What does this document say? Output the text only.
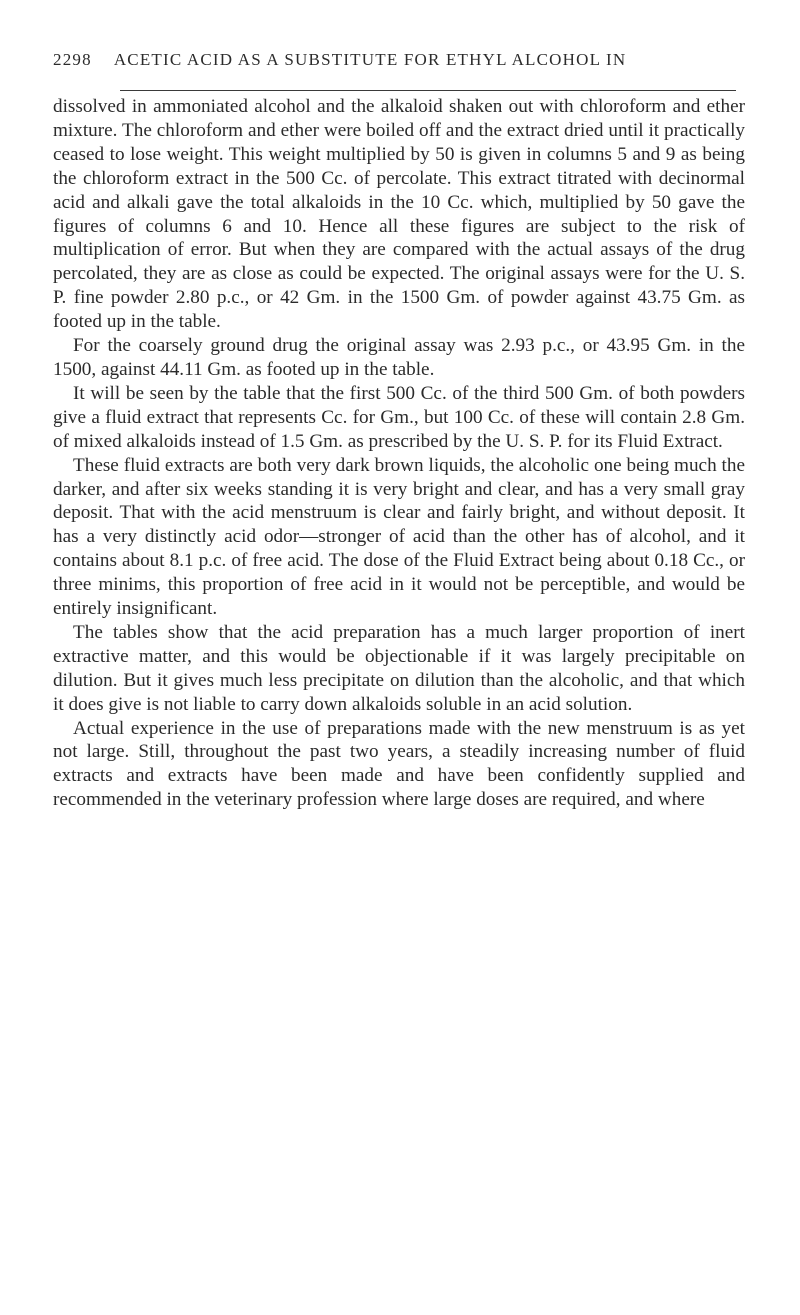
2298 ACETIC ACID AS A SUBSTITUTE FOR ETHYL ALCOHOL IN

dissolved in ammoniated alcohol and the alkaloid shaken out with chloroform and ether mixture. The chloroform and ether were boiled off and the extract dried until it practically ceased to lose weight. This weight multiplied by 50 is given in columns 5 and 9 as being the chloroform extract in the 500 Cc. of percolate. This extract titrated with decinormal acid and alkali gave the total alkaloids in the 10 Cc. which, multiplied by 50 gave the figures of columns 6 and 10. Hence all these figures are subject to the risk of multiplication of error. But when they are compared with the actual assays of the drug percolated, they are as close as could be expected. The original assays were for the U. S. P. fine powder 2.80 p.c., or 42 Gm. in the 1500 Gm. of powder against 43.75 Gm. as footed up in the table.

For the coarsely ground drug the original assay was 2.93 p.c., or 43.95 Gm. in the 1500, against 44.11 Gm. as footed up in the table.

It will be seen by the table that the first 500 Cc. of the third 500 Gm. of both powders give a fluid extract that represents Cc. for Gm., but 100 Cc. of these will contain 2.8 Gm. of mixed alkaloids instead of 1.5 Gm. as prescribed by the U. S. P. for its Fluid Extract.

These fluid extracts are both very dark brown liquids, the alcoholic one being much the darker, and after six weeks standing it is very bright and clear, and has a very small gray deposit. That with the acid menstruum is clear and fairly bright, and without deposit. It has a very distinctly acid odor—stronger of acid than the other has of alcohol, and it contains about 8.1 p.c. of free acid. The dose of the Fluid Extract being about 0.18 Cc., or three minims, this proportion of free acid in it would not be perceptible, and would be entirely insignificant.

The tables show that the acid preparation has a much larger proportion of inert extractive matter, and this would be objectionable if it was largely precipitable on dilution. But it gives much less precipitate on dilution than the alcoholic, and that which it does give is not liable to carry down alkaloids soluble in an acid solution.

Actual experience in the use of preparations made with the new menstruum is as yet not large. Still, throughout the past two years, a steadily increasing number of fluid extracts and extracts have been made and have been confidently supplied and recommended in the veterinary profession where large doses are required, and where
